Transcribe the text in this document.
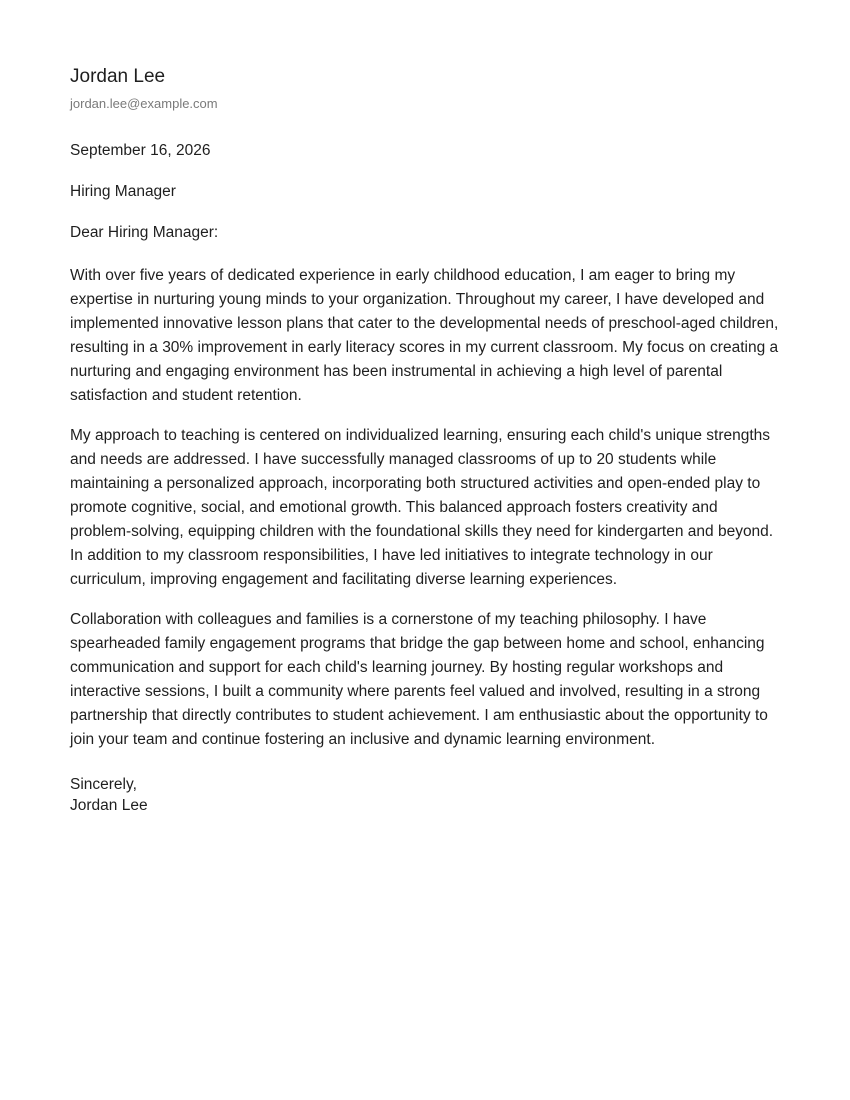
Jordan Lee
jordan.lee@example.com
September 16, 2026
Hiring Manager
Dear Hiring Manager:

With over five years of dedicated experience in early childhood education, I am eager to bring my expertise in nurturing young minds to your organization. Throughout my career, I have developed and implemented innovative lesson plans that cater to the developmental needs of preschool-aged children, resulting in a 30% improvement in early literacy scores in my current classroom. My focus on creating a nurturing and engaging environment has been instrumental in achieving a high level of parental satisfaction and student retention.

My approach to teaching is centered on individualized learning, ensuring each child's unique strengths and needs are addressed. I have successfully managed classrooms of up to 20 students while maintaining a personalized approach, incorporating both structured activities and open-ended play to promote cognitive, social, and emotional growth. This balanced approach fosters creativity and problem-solving, equipping children with the foundational skills they need for kindergarten and beyond. In addition to my classroom responsibilities, I have led initiatives to integrate technology in our curriculum, improving engagement and facilitating diverse learning experiences.

Collaboration with colleagues and families is a cornerstone of my teaching philosophy. I have spearheaded family engagement programs that bridge the gap between home and school, enhancing communication and support for each child's learning journey. By hosting regular workshops and interactive sessions, I built a community where parents feel valued and involved, resulting in a strong partnership that directly contributes to student achievement. I am enthusiastic about the opportunity to join your team and continue fostering an inclusive and dynamic learning environment.

Sincerely,
Jordan Lee
